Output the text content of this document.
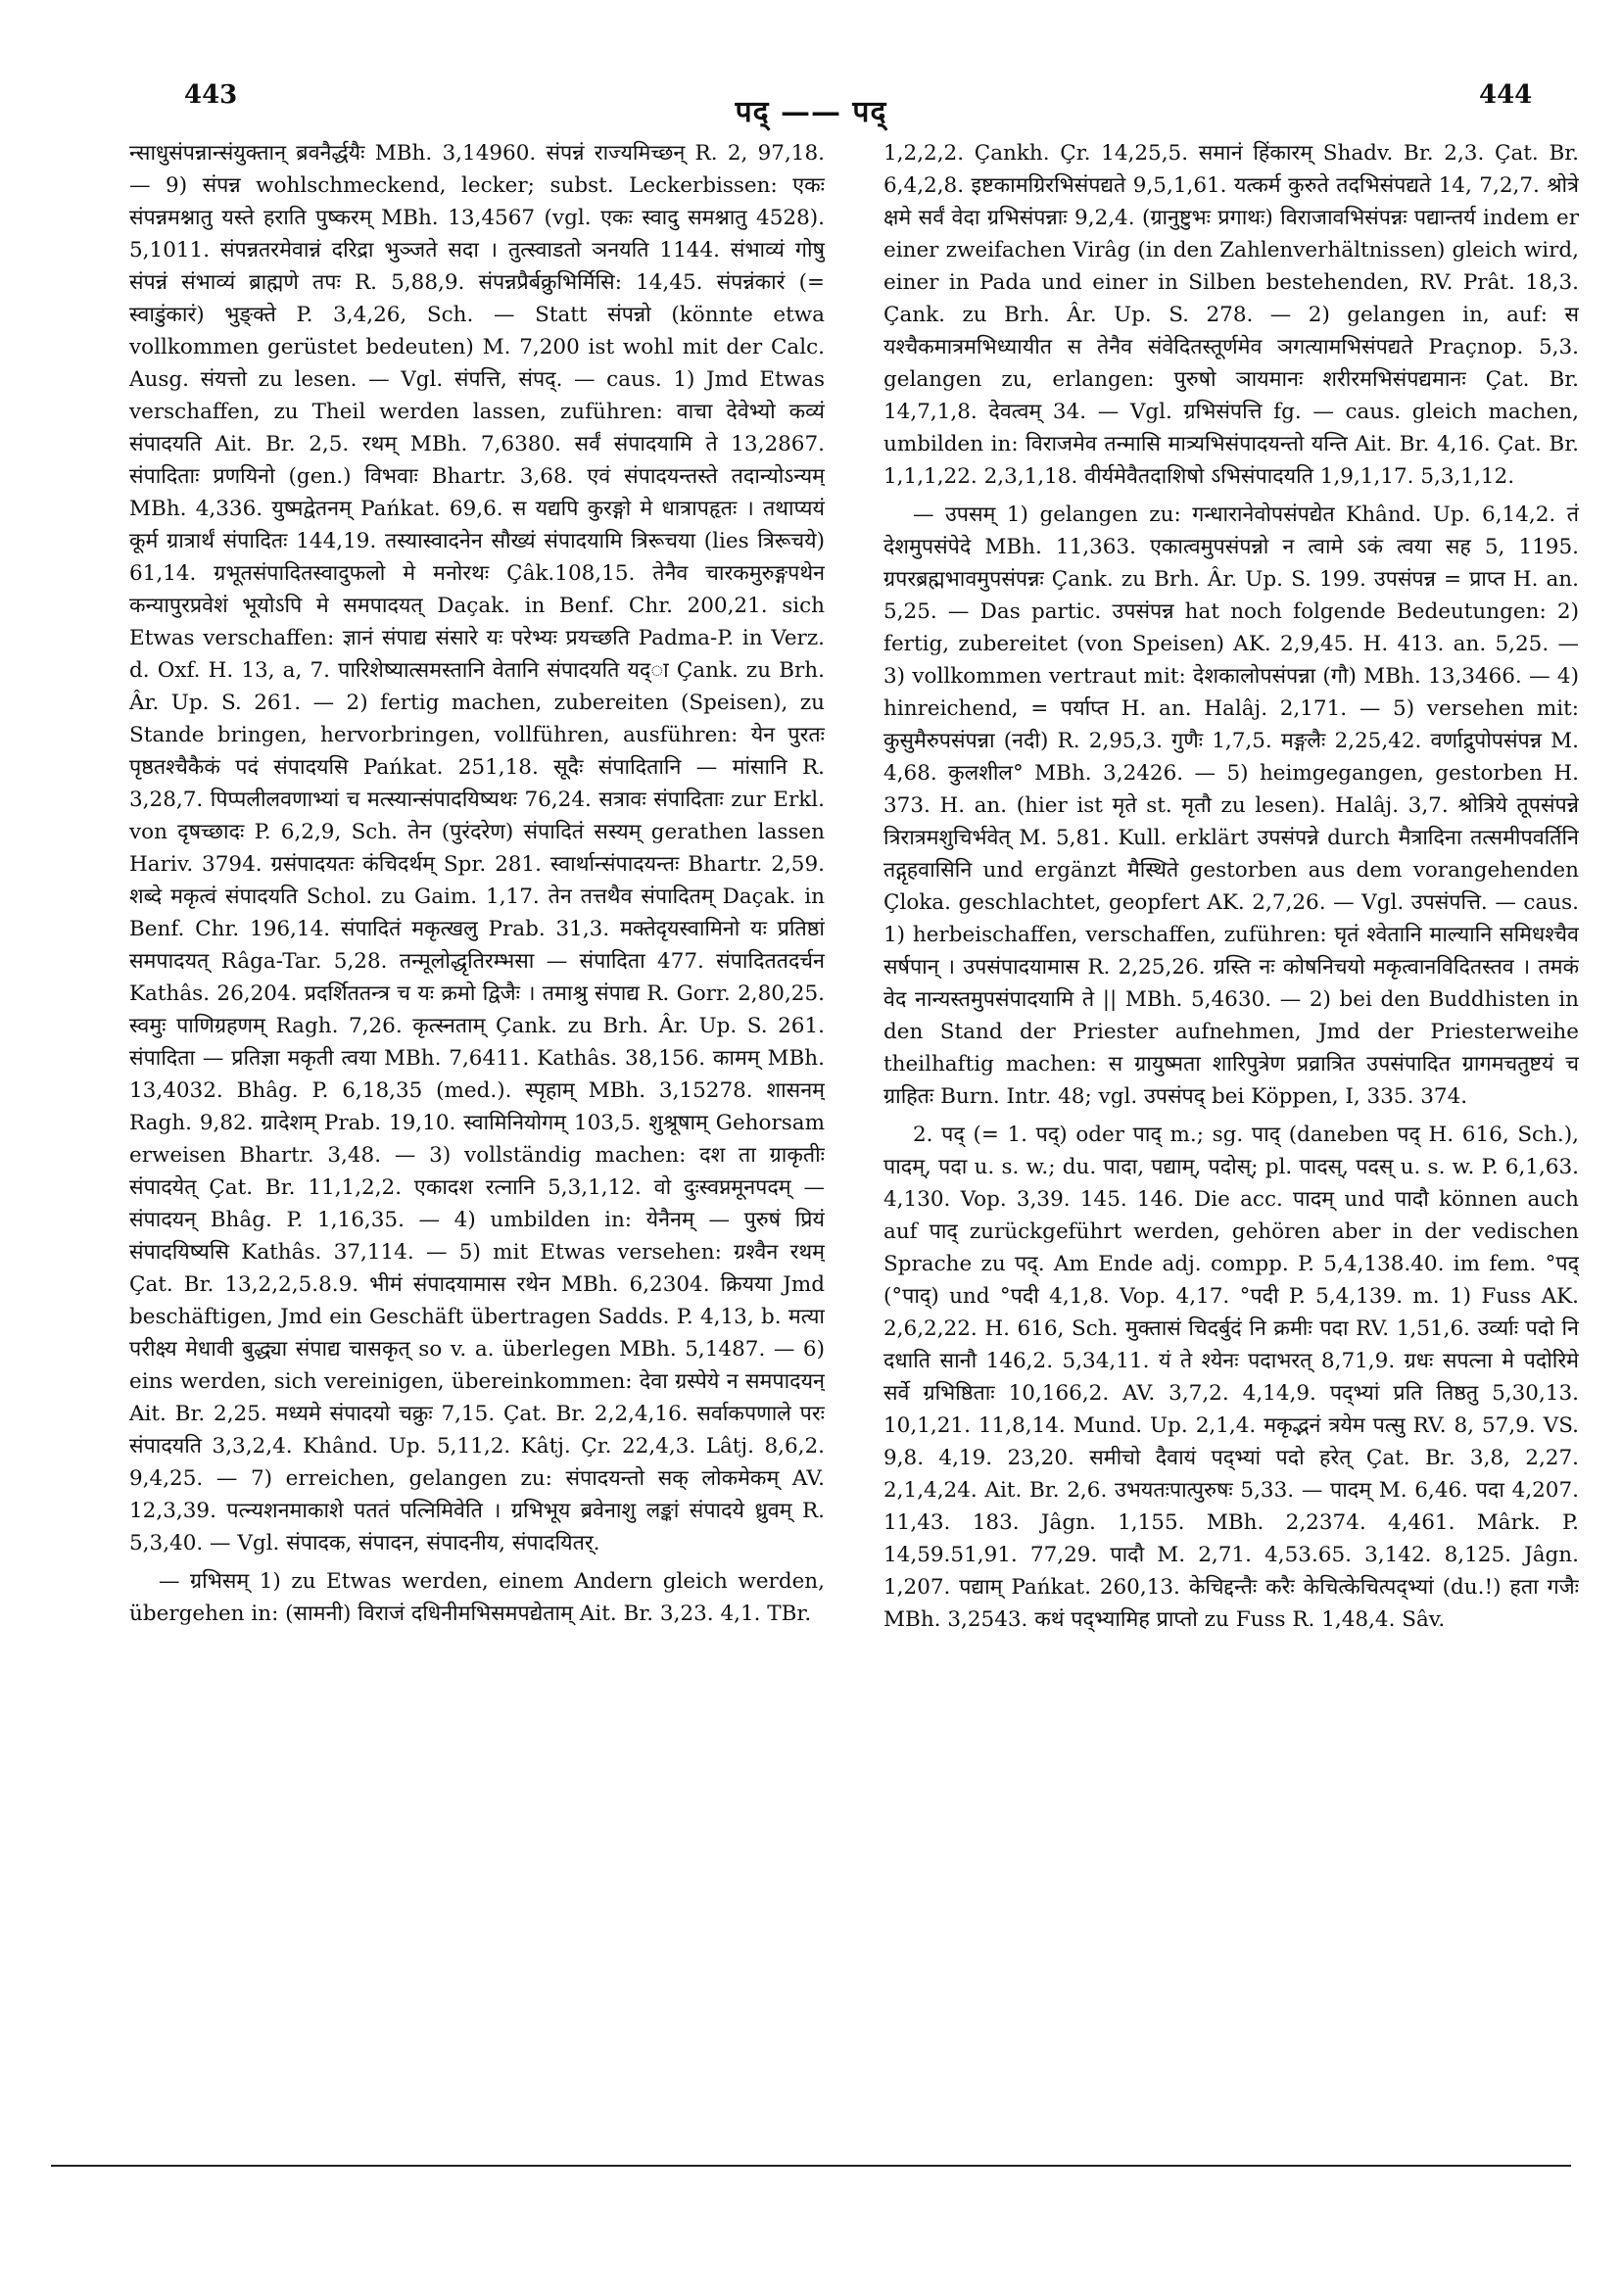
443	पद् —— पद्	444

न्साधुसंपन्नान्संयुक्तान् ब्रवनैर्द्धयैः MBh. 3,14960. संपन्नं राज्यमिच्छन् R. 2, 97,18. — 9) संपन्न wohlschmeckend, lecker; subst. Leckerbissen: एकः संपन्नमश्नातु यस्ते हराति पुष्करम् MBh. 13,4567 (vgl. एकः स्वादु समश्नातु 4528). 5,1011. संपन्नतरमेवान्नं दरिद्रा भुञ्जते सदा । तुत्स्वाडतो ञनयति 1144. संभाव्यं गोषु संपन्नं संभाव्यं ब्राह्मणे तपः R. 5,88,9. संपन्नप्रैर्बक्रुभिर्मिसि: 14,45. संपन्नंकारं (= स्वाडुंकारं) भुङ्क्ते P. 3,4,26, Sch. — Statt संपन्नो (könnte etwa vollkommen gerüstet bedeuten) M. 7,200 ist wohl mit der Calc. Ausg. संयत्तो zu lesen. — Vgl. संपत्ति, संपद्. — caus. 1) Jmd Etwas verschaffen, zu Theil werden lassen, zuführen: वाचा देवेभ्यो कव्यं संपादयति Ait. Br. 2,5. रथम् MBh. 7,6380. सर्वं संपादयामि ते 13,2867. संपादिताः प्रणयिनो (gen.) विभवाः Bhartr. 3,68. एवं संपादयन्तस्ते तदान्योऽन्यम् MBh. 4,336. युष्मद्वेतनम् Pańkat. 69,6. स यद्यपि कुरङ्गो मे धात्रापहृतः । तथाप्ययं कूर्म ग्रात्रार्थं संपादितः 144,19. तस्यास्वादनेन सौख्यं संपादयामि त्रिरूचया (lies त्रिरूचये) 61,14. ग्रभूतसंपादितस्वादुफलो मे मनोरथः Çâk.108,15. तेनैव चारकमुरुङ्गपथेन कन्यापुरप्रवेशं भूयोऽपि मे समपादयत् Daçak. in Benf. Chr. 200,21. sich Etwas verschaffen: ज्ञानं संपाद्य संसारे यः परेभ्यः प्रयच्छति Padma-P. in Verz. d. Oxf. H. 13, a, 7. पारिशेष्यात्समस्तानि वेतानि संपादयति यद्ा Çank. zu Brh. Âr. Up. S. 261. — 2) fertig machen, zubereiten (Speisen), zu Stande bringen, hervorbringen, vollführen, ausführen: येन पुरतः पृष्ठतश्चैकैकं पदं संपादयसि Pańkat. 251,18. सूदैः संपादितानि — मांसानि R. 3,28,7. पिप्पलीलवणाभ्यां च मत्स्यान्संपादयिष्यथः 76,24. सत्रावः संपादिताः zur Erkl. von दृषच्छादः P. 6,2,9, Sch. तेन (पुरंदरेण) संपादितं सस्यम् gerathen lassen Hariv. 3794. ग्रसंपादयतः कंचिदर्थम् Spr. 281. स्वार्थान्संपादयन्तः Bhartr. 2,59. शब्दे मकृत्वं संपादयति Schol. zu Gaim. 1,17. तेन तत्तथैव संपादितम् Daçak. in Benf. Chr. 196,14. संपादितं मकृत्खलु Prab. 31,3. मक्तेदृयस्वामिनो यः प्रतिष्ठां समपादयत् Râga-Tar. 5,28. तन्मूलोद्धृतिरम्भसा — संपादिता 477. संपादिततदर्चन Kathâs. 26,204. प्रदर्शिततन्त्र च यः क्रमो द्विजैः । तमाश्रु संपाद्य R. Gorr. 2,80,25. स्वमुः पाणिग्रहणम् Ragh. 7,26. कृत्स्नताम् Çank. zu Brh. Âr. Up. S. 261. संपादिता — प्रतिज्ञा मकृती त्वया MBh. 7,6411. Kathâs. 38,156. कामम् MBh. 13,4032. Bhâg. P. 6,18,35 (med.). स्पृहाम् MBh. 3,15278. शासनम् Ragh. 9,82. ग्रादेशम् Prab. 19,10. स्वामिनियोगम् 103,5. शुश्रूषाम् Gehorsam erweisen Bhartr. 3,48. — 3) vollständig machen: दश ता ग्राकृतीः संपादयेत् Çat. Br. 11,1,2,2. एकादश रत्नानि 5,3,1,12. वो दुःस्वप्नमूनपदम् — संपादयन् Bhâg. P. 1,16,35. — 4) umbilden in: येनैनम् — पुरुषं प्रियं संपादयिष्यसि Kathâs. 37,114. — 5) mit Etwas versehen: ग्रश्वैन रथम् Çat. Br. 13,2,2,5.8.9. भीमं संपादयामास रथेन MBh. 6,2304. क्रियया Jmd beschäftigen, Jmd ein Geschäft übertragen Sadds. P. 4,13, b. मत्या परीक्ष्य मेधावी बुद्ध्या संपाद्य चासकृत् so v. a. überlegen MBh. 5,1487. — 6) eins werden, sich vereinigen, übereinkommen: देवा ग्रस्पेये न समपादयन् Ait. Br. 2,25. मध्यमे संपादयो चक्रुः 7,15. Çat. Br. 2,2,4,16. सर्वाकपणाले परः संपादयति 3,3,2,4. Khând. Up. 5,11,2. Kâtj. Çr. 22,4,3. Lâtj. 8,6,2. 9,4,25. — 7) erreichen, gelangen zu: संपादयन्तो सक् लोकमेकम् AV. 12,3,39. पत्न्यशनमाकाशे पततं पत्निमिवेति । ग्रभिभूय ब्रवेनाशु लङ्कां संपादये ध्रुवम् R. 5,3,40. — Vgl. संपादक, संपादन, संपादनीय, संपादयितर्.

— ग्रभिसम् 1) zu Etwas werden, einem Andern gleich werden, übergehen in: (सामनी) विराजं दधिनीमभिसमपद्येताम् Ait. Br. 3,23. 4,1. TBr.

1,2,2,2. Çankh. Çr. 14,25,5. समानं हिंकारम् Shadv. Br. 2,3. Çat. Br. 6,4,2,8. इष्टकामग्रिरभिसंपद्यते 9,5,1,61. यत्कर्म कुरुते तदभिसंपद्यते 14, 7,2,7. श्रोत्रे क्षमे सर्वं वेदा ग्रभिसंपन्नाः 9,2,4. (ग्रानुष्टुभः प्रगाथः) विराजावभिसंपन्नः पद्यान्तर्य indem er einer zweifachen Virâg (in den Zahlenverhältnissen) gleich wird, einer in Pada und einer in Silben bestehenden, RV. Prât. 18,3. Çank. zu Brh. Âr. Up. S. 278. — 2) gelangen in, auf: स यश्चैकमात्रमभिध्यायीत स तेनैव संवेदितस्तूर्णमेव ञगत्यामभिसंपद्यते Praçnop. 5,3. gelangen zu, erlangen: पुरुषो ञायमानः शरीरमभिसंपद्यमानः Çat. Br. 14,7,1,8. देवत्वम् 34. — Vgl. ग्रभिसंपत्ति fg. — caus. gleich machen, umbilden in: विराजमेव तन्मासि मात्र्यभिसंपादयन्तो यन्ति Ait. Br. 4,16. Çat. Br. 1,1,1,22. 2,3,1,18. वीर्यमेवैतदाशिषो ऽभिसंपादयति 1,9,1,17. 5,3,1,12.

— उपसम् 1) gelangen zu: गन्धारानेवोपसंपद्येत Khând. Up. 6,14,2. तं देशमुपसंपेदे MBh. 11,363. एकात्वमुपसंपन्नो न त्वामे ऽकं त्वया सह 5, 1195. ग्रपरब्रह्मभावमुपसंपन्नः Çank. zu Brh. Âr. Up. S. 199. उपसंपन्न = प्राप्त H. an. 5,25. — Das partic. उपसंपन्न hat noch folgende Bedeutungen: 2) fertig, zubereitet (von Speisen) AK. 2,9,45. H. 413. an. 5,25. — 3) vollkommen vertraut mit: देशकालोपसंपन्ना (गौ) MBh. 13,3466. — 4) hinreichend, = पर्याप्त H. an. Halâj. 2,171. — 5) versehen mit: कुसुमैरुपसंपन्ना (नदी) R. 2,95,3. गुणैः 1,7,5. मङ्गलैः 2,25,42. वर्णाद्रुपोपसंपन्न M. 4,68. कुलशील° MBh. 3,2426. — 5) heimgegangen, gestorben H. 373. H. an. (hier ist मृते st. मृतौ zu lesen). Halâj. 3,7. श्रोत्रिये तूपसंपन्ने त्रिरात्रमशुचिर्भवेत् M. 5,81. Kull. erklärt उपसंपन्ने durch मैत्रादिना तत्समीपवर्तिनि तद्गृहवासिनि und ergänzt मैस्थिते gestorben aus dem vorangehenden Çloka. geschlachtet, geopfert AK. 2,7,26. — Vgl. उपसंपत्ति. — caus. 1) herbeischaffen, verschaffen, zuführen: घृतं श्वेतानि माल्यानि समिधश्चैव सर्षपान् । उपसंपादयामास R. 2,25,26. ग्रस्ति नः कोषनिचयो मकृत्वानविदितस्तव । तमकं वेद नान्यस्तमुपसंपादयामि ते || MBh. 5,4630. — 2) bei den Buddhisten in den Stand der Priester aufnehmen, Jmd der Priesterweihe theilhaftig machen: स ग्रायुष्मता शारिपुत्रेण प्रव्रात्रित उपसंपादित ग्रागमचतुष्टयं च ग्राहितः Burn. Intr. 48; vgl. उपसंपद् bei Köppen, I, 335. 374.

2. पद् (= 1. पद्) oder पाद् m.; sg. पाद् (daneben पद् H. 616, Sch.), पादम्, पदा u. s. w.; du. पादा, पद्याम्, पदोस्; pl. पादस्, पदस् u. s. w. P. 6,1,63. 4,130. Vop. 3,39. 145. 146. Die acc. पादम् und पादौ können auch auf पाद् zurückgeführt werden, gehören aber in der vedischen Sprache zu पद्. Am Ende adj. compp. P. 5,4,138.40. im fem. °पद् (°पाद्) und °पदी 4,1,8. Vop. 4,17. °पदी P. 5,4,139. m. 1) Fuss AK. 2,6,2,22. H. 616, Sch. मुक्तासं चिदर्बुदं नि क्रमीः पदा RV. 1,51,6. उर्व्याः पदो नि दधाति सानौ 146,2. 5,34,11. यं ते श्येनः पदाभरत् 8,71,9. ग्रधः सपत्ना मे पदोरिमे सर्वे ग्रभिष्ठिताः 10,166,2. AV. 3,7,2. 4,14,9. पद्भ्यां प्रति तिष्ठतु 5,30,13. 10,1,21. 11,8,14. Mund. Up. 2,1,4. मकृद्भनं त्रयेम पत्सु RV. 8, 57,9. VS. 9,8. 4,19. 23,20. समीचो दैवायं पद्भ्यां पदो हरेत् Çat. Br. 3,8, 2,27. 2,1,4,24. Ait. Br. 2,6. उभयतःपात्पुरुषः 5,33. — पादम् M. 6,46. पदा 4,207. 11,43. 183. Jâgn. 1,155. MBh. 2,2374. 4,461. Mârk. P. 14,59.51,91. 77,29. पादौ M. 2,71. 4,53.65. 3,142. 8,125. Jâgn. 1,207. पद्याम् Pańkat. 260,13. केचिद्दन्तैः करैः केचित्केचित्पद्भ्यां (du.!) हता गजैः MBh. 3,2543. कथं पद्भ्यामिह प्राप्तो zu Fuss R. 1,48,4. Sâv.
